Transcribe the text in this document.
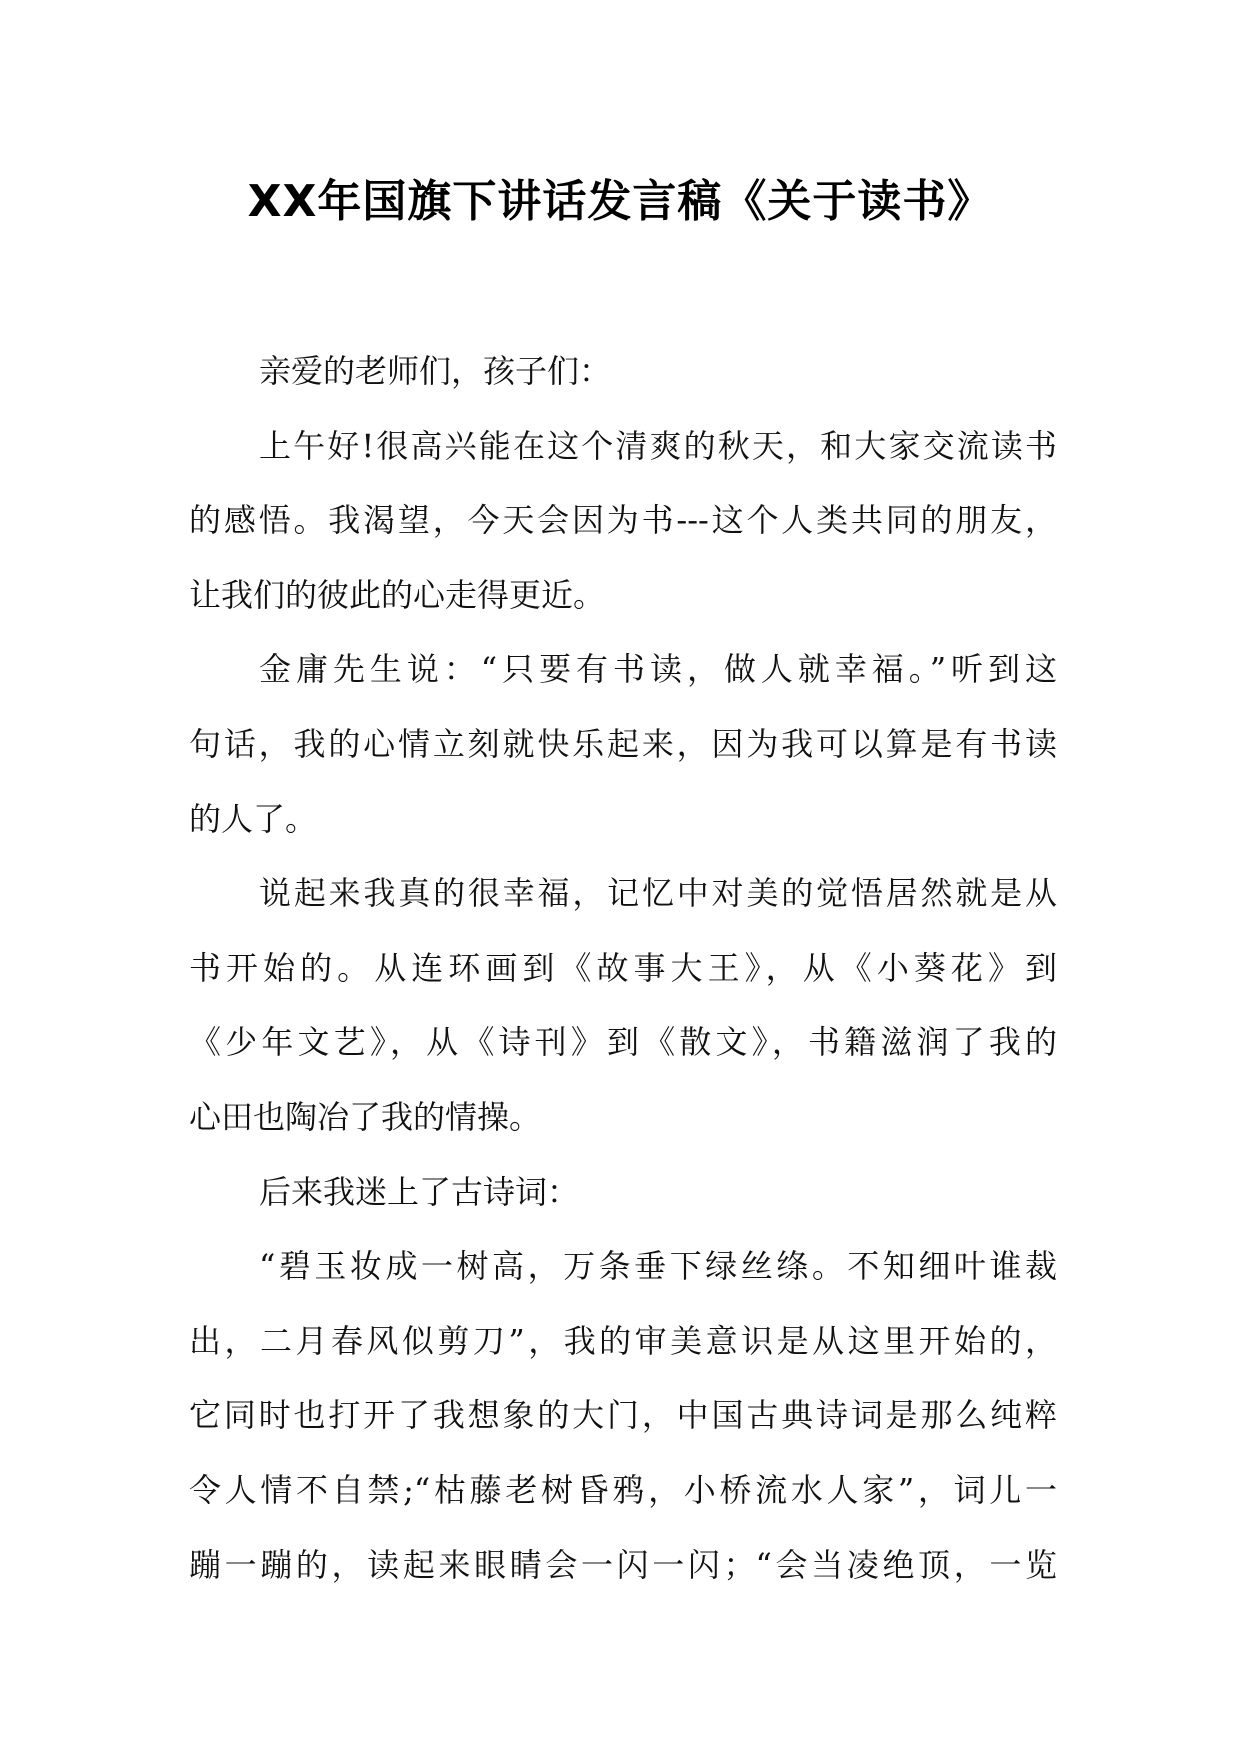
XX年国旗下讲话发言稿《关于读书》
亲爱的老师们，孩子们：
上午好!很高兴能在这个清爽的秋天，和大家交流读书
的感悟。我渴望，今天会因为书---这个人类共同的朋友，
让我们的彼此的心走得更近。
金庸先生说：“只要有书读，做人就幸福。”听到这
句话，我的心情立刻就快乐起来，因为我可以算是有书读
的人了。
说起来我真的很幸福，记忆中对美的觉悟居然就是从
书开始的。从连环画到《故事大王》，从《小葵花》到
《少年文艺》，从《诗刊》到《散文》，书籍滋润了我的
心田也陶冶了我的情操。
后来我迷上了古诗词：
“碧玉妆成一树高，万条垂下绿丝绦。不知细叶谁裁
出，二月春风似剪刀”，我的审美意识是从这里开始的，
它同时也打开了我想象的大门，中国古典诗词是那么纯粹
令人情不自禁;“枯藤老树昏鸦，小桥流水人家”，词儿一
蹦一蹦的，读起来眼睛会一闪一闪；“会当凌绝顶，一览
